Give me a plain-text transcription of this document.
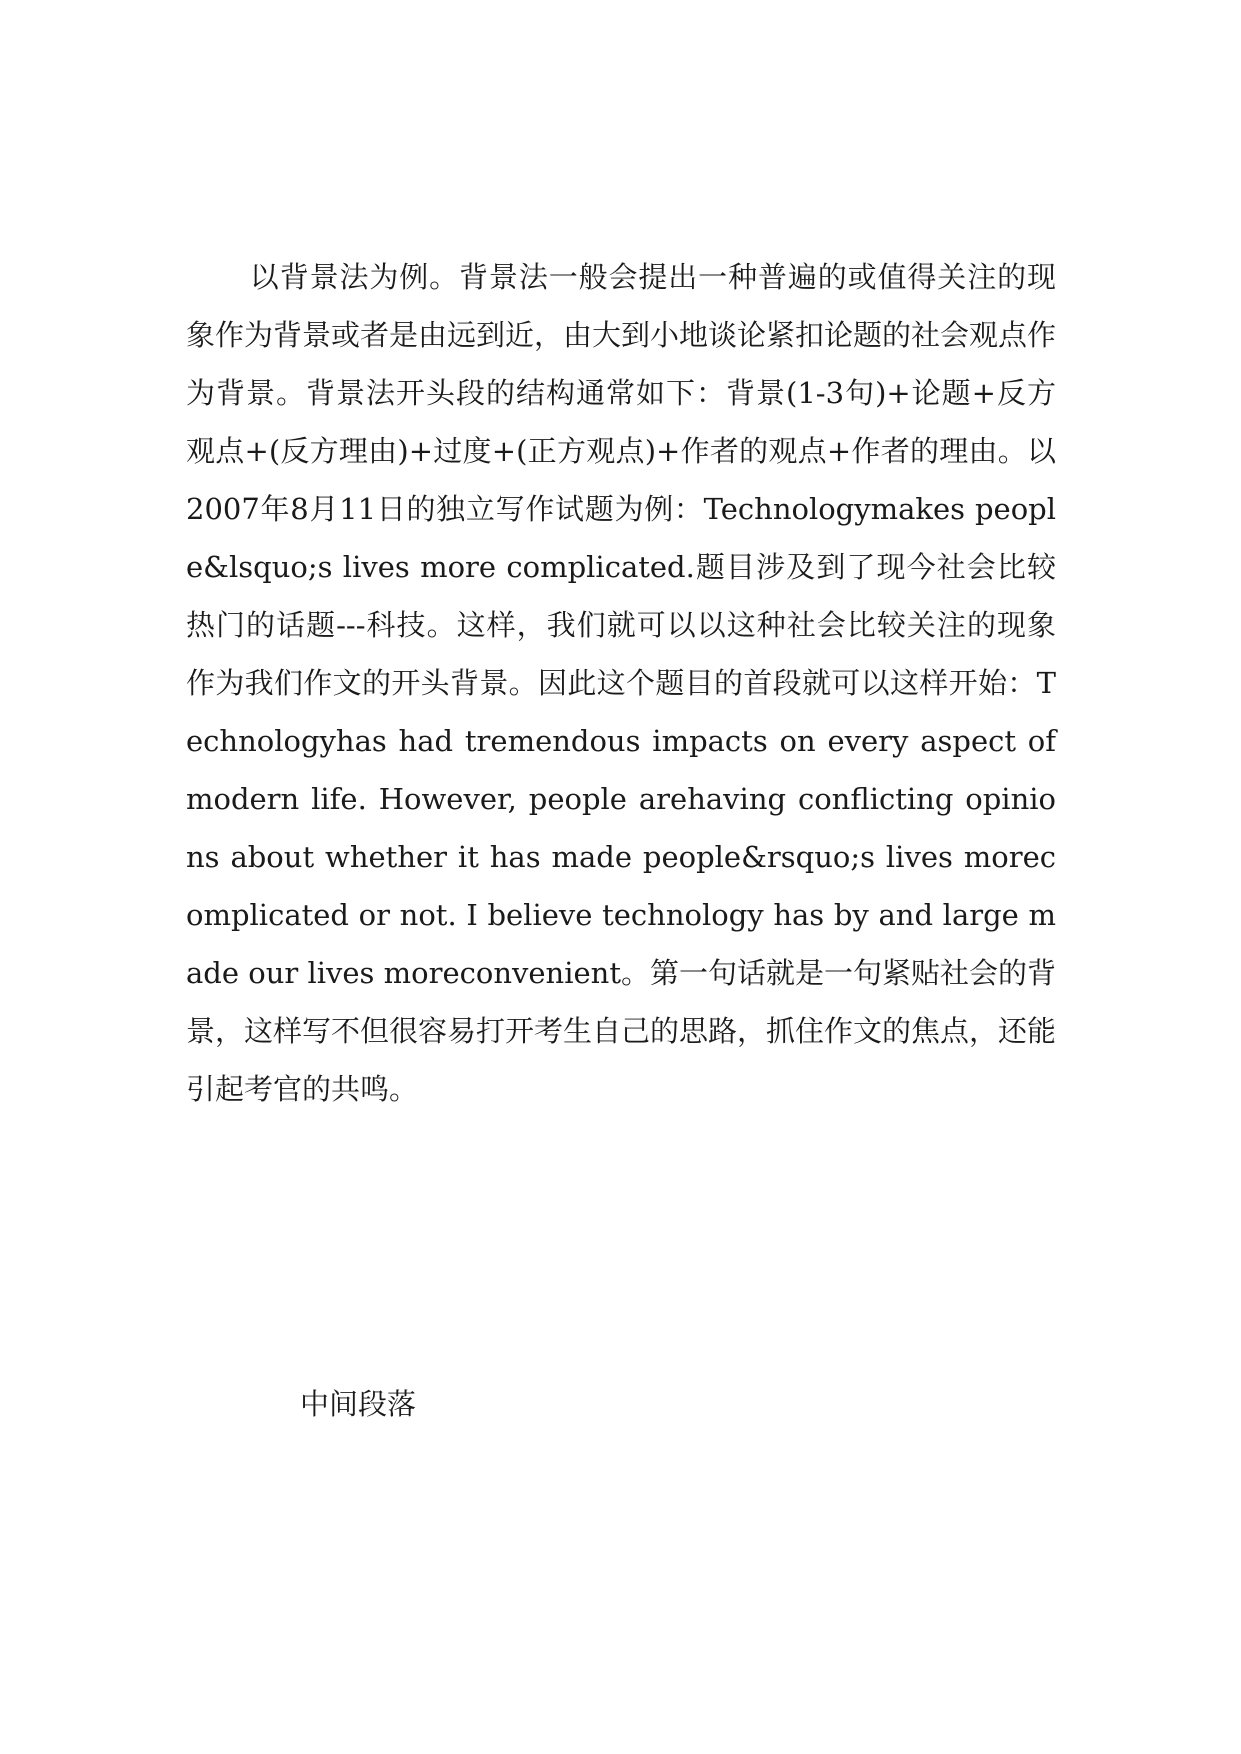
以背景法为例。背景法一般会提出一种普遍的或值得关注的现象作为背景或者是由远到近，由大到小地谈论紧扣论题的社会观点作为背景。背景法开头段的结构通常如下：背景(1-3句)+论题+反方观点+(反方理由)+过度+(正方观点)+作者的观点+作者的理由。以2007年8月11日的独立写作试题为例：Technologymakes people&lsquo;s lives more complicated.题目涉及到了现今社会比较热门的话题---科技。这样，我们就可以以这种社会比较关注的现象作为我们作文的开头背景。因此这个题目的首段就可以这样开始：Technologyhas had tremendous impacts on every aspect of modern life. However, people arehaving conflicting opinions about whether it has made people&rsquo;s lives morecomplicated or not. I believe technology has by and large made our lives moreconvenient。第一句话就是一句紧贴社会的背景，这样写不但很容易打开考生自己的思路，抓住作文的焦点，还能引起考官的共鸣。

中间段落
